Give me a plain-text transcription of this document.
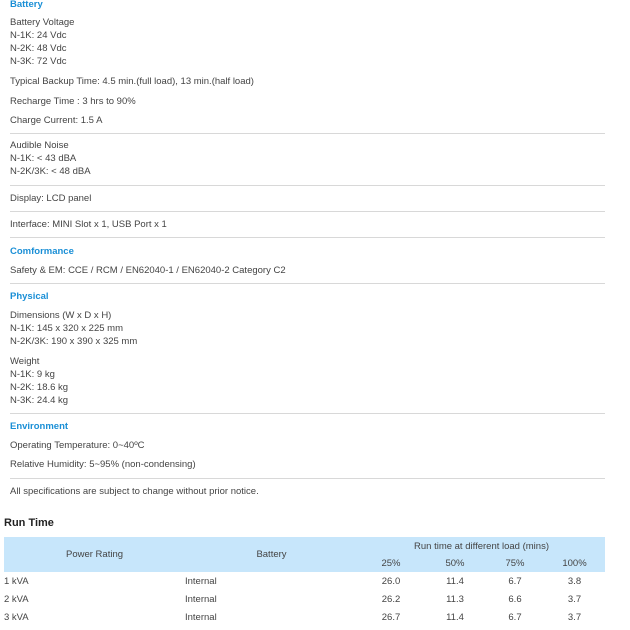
Battery
Battery Voltage
N-1K: 24 Vdc
N-2K: 48 Vdc
N-3K: 72 Vdc
Typical Backup Time: 4.5 min.(full load), 13 min.(half load)
Recharge Time : 3 hrs to 90%
Charge Current: 1.5 A
Audible Noise
N-1K: < 43 dBA
N-2K/3K: < 48 dBA
Display: LCD panel
Interface: MINI Slot x 1, USB Port x 1
Comformance
Safety & EM: CCE / RCM / EN62040-1 / EN62040-2 Category C2
Physical
Dimensions (W x D x H)
N-1K: 145 x 320 x 225 mm
N-2K/3K: 190 x 390 x 325 mm
Weight
N-1K: 9 kg
N-2K: 18.6 kg
N-3K: 24.4 kg
Environment
Operating Temperature: 0~40ºC
Relative Humidity: 5~95% (non-condensing)
All specifications are subject to change without prior notice.
Run Time
Power Rating	Battery	Run time at different load (mins)			
		25%	50%	75%	100%
1 kVA	Internal	26.0	11.4	6.7	3.8
2 kVA	Internal	26.2	11.3	6.6	3.7
3 kVA	Internal	26.7	11.4	6.7	3.7
